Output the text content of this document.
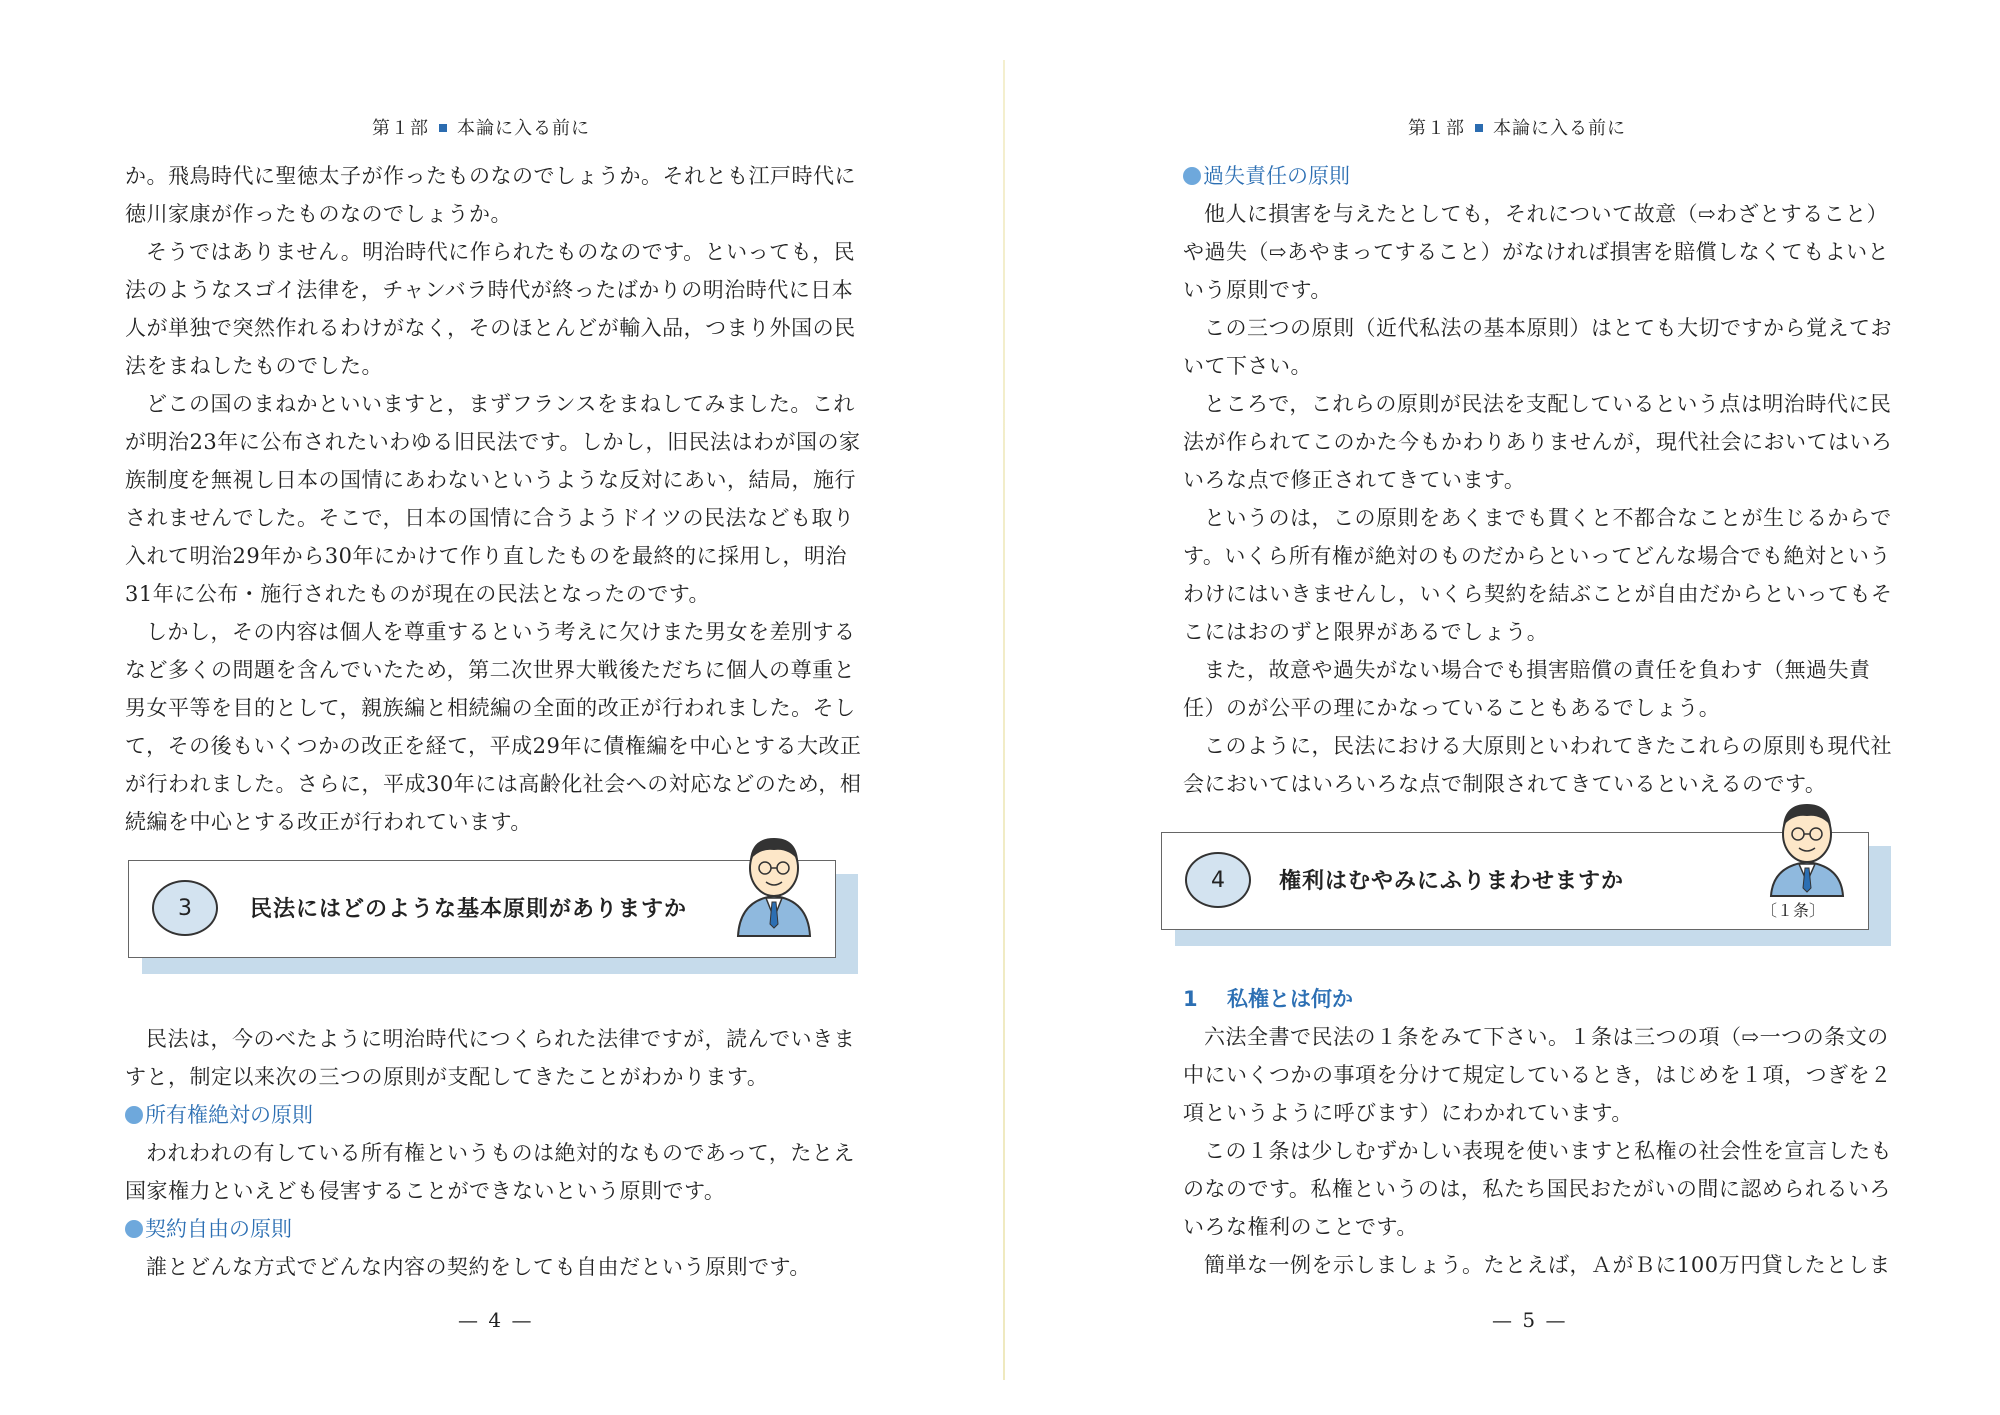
第１部 本論に入る前に

か。飛鳥時代に聖徳太子が作ったものなのでしょうか。それとも江戸時代に徳川家康が作ったものなのでしょうか。

そうではありません。明治時代に作られたものなのです。といっても，民法のようなスゴイ法律を，チャンバラ時代が終ったばかりの明治時代に日本人が単独で突然作れるわけがなく，そのほとんどが輸入品，つまり外国の民法をまねしたものでした。

どこの国のまねかといいますと，まずフランスをまねしてみました。これが明治23年に公布されたいわゆる旧民法です。しかし，旧民法はわが国の家族制度を無視し日本の国情にあわないというような反対にあい，結局，施行されませんでした。そこで，日本の国情に合うようドイツの民法なども取り入れて明治29年から30年にかけて作り直したものを最終的に採用し，明治31年に公布・施行されたものが現在の民法となったのです。

しかし，その内容は個人を尊重するという考えに欠けまた男女を差別するなど多くの問題を含んでいたため，第二次世界大戦後ただちに個人の尊重と男女平等を目的として，親族編と相続編の全面的改正が行われました。そして，その後もいくつかの改正を経て，平成29年に債権編を中心とする大改正が行われました。さらに，平成30年には高齢化社会への対応などのため，相続編を中心とする改正が行われています。

3	民法にはどのような基本原則がありますか

民法は，今のべたように明治時代につくられた法律ですが，読んでいきますと，制定以来次の三つの原則が支配してきたことがわかります。

所有権絶対の原則

われわれの有している所有権というものは絶対的なものであって，たとえ国家権力といえども侵害することができないという原則です。

契約自由の原則

誰とどんな方式でどんな内容の契約をしても自由だという原則です。

— 4 —
第１部 本論に入る前に

過失責任の原則

他人に損害を与えたとしても，それについて故意（⇨わざとすること）や過失（⇨あやまってすること）がなければ損害を賠償しなくてもよいという原則です。

この三つの原則（近代私法の基本原則）はとても大切ですから覚えておいて下さい。

ところで，これらの原則が民法を支配しているという点は明治時代に民法が作られてこのかた今もかわりありませんが，現代社会においてはいろいろな点で修正されてきています。

というのは，この原則をあくまでも貫くと不都合なことが生じるからです。いくら所有権が絶対のものだからといってどんな場合でも絶対というわけにはいきませんし，いくら契約を結ぶことが自由だからといってもそこにはおのずと限界があるでしょう。

また，故意や過失がない場合でも損害賠償の責任を負わす（無過失責任）のが公平の理にかなっていることもあるでしょう。

このように，民法における大原則といわれてきたこれらの原則も現代社会においてはいろいろな点で制限されてきているといえるのです。

4	権利はむやみにふりまわせますか
〔１条〕

1 私権とは何か

六法全書で民法の１条をみて下さい。１条は三つの項（⇨一つの条文の中にいくつかの事項を分けて規定しているとき，はじめを１項，つぎを２項というように呼びます）にわかれています。

この１条は少しむずかしい表現を使いますと私権の社会性を宣言したものなのです。私権というのは，私たち国民おたがいの間に認められるいろいろな権利のことです。

簡単な一例を示しましょう。たとえば，ＡがＢに100万円貸したとしま

— 5 —
